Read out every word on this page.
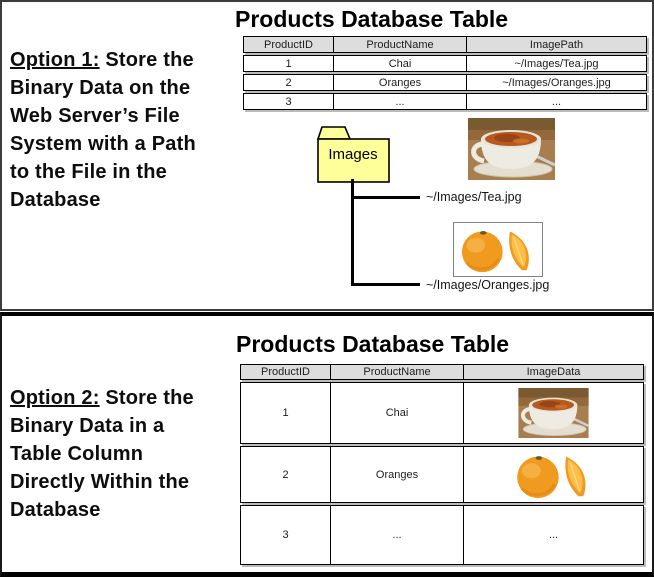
Option 1: Store the
Binary Data on the
Web Server’s File
System with a Path
to the File in the
Database
Products Database Table
ProductID	ProductName	ImagePath
1	Chai	~/Images/Tea.jpg
2	Oranges	~/Images/Oranges.jpg
3	...	...
Images
~/Images/Tea.jpg
~/Images/Oranges.jpg
Option 2: Store the
Binary Data in a
Table Column
Directly Within the
Database
Products Database Table
ProductID	ProductName	ImageData
1	Chai
2	Oranges
3	...	...
